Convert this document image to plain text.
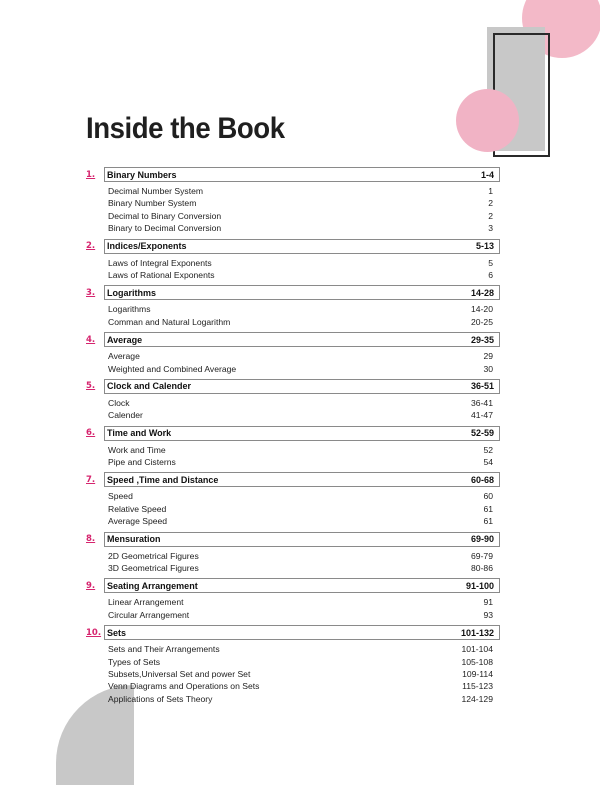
Inside the Book
1.	Binary Numbers	1-4
Decimal Number System	1
Binary Number System	2
Decimal to Binary Conversion	2
Binary to Decimal Conversion	3
2.	Indices/Exponents	5-13
Laws of Integral Exponents	5
Laws of Rational Exponents	6
3.	Logarithms	14-28
Logarithms	14-20
Comman and Natural Logarithm	20-25
4.	Average	29-35
Average	29
Weighted and Combined Average	30
5.	Clock and Calender	36-51
Clock	36-41
Calender	41-47
6.	Time and Work	52-59
Work and Time	52
Pipe and Cisterns	54
7.	Speed ,Time and Distance	60-68
Speed	60
Relative Speed	61
Average Speed	61
8.	Mensuration	69-90
2D Geometrical Figures	69-79
3D Geometrical Figures	80-86
9.	Seating Arrangement	91-100
Linear Arrangement	91
Circular Arrangement	93
10. Sets	101-132
Sets and Their Arrangements	101-104
Types of Sets	105-108
Subsets,Universal Set and power Set	109-114
Venn Diagrams and Operations on Sets	115-123
Applications of Sets Theory	124-129
